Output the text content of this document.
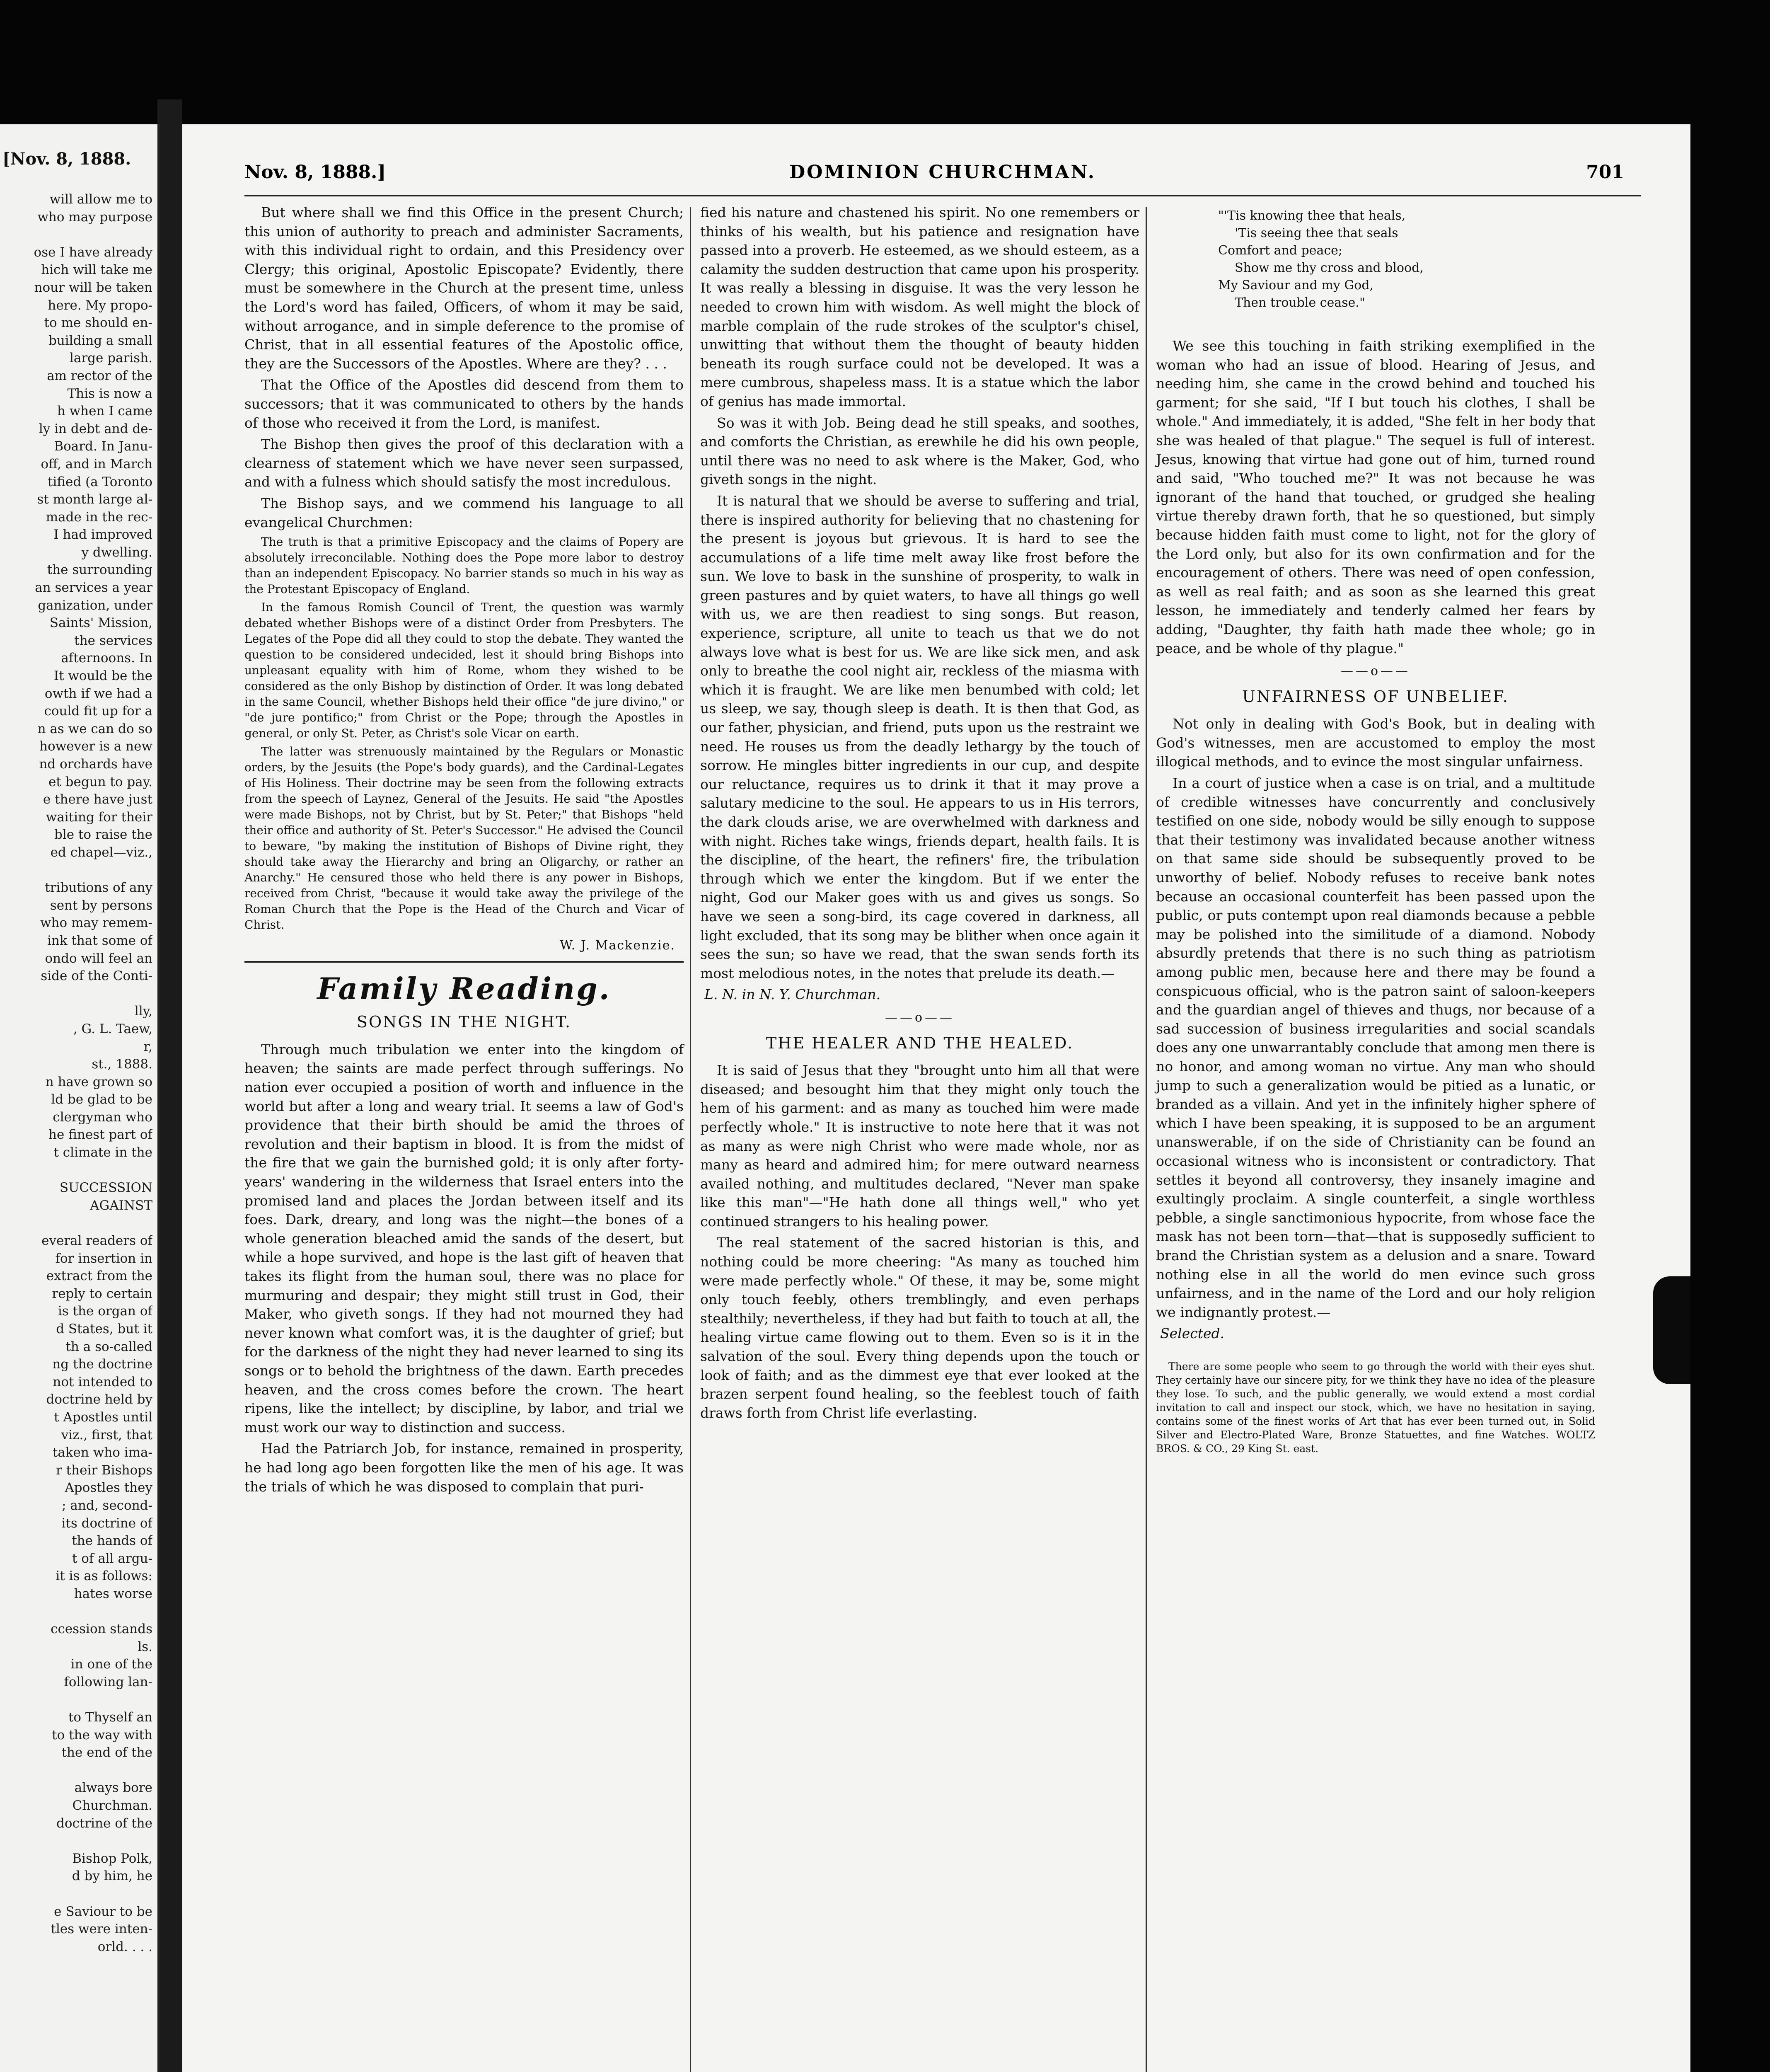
[Nov. 8, 1888.
will allow me to
who may purpose

ose I have already
hich will take me
nour will be taken
here. My propo-
to me should en-
building a small
large parish.
am rector of the
This is now a
h when I came
ly in debt and de-
Board. In Janu-
off, and in March
tified (a Toronto
st month large al-
made in the rec-
I had improved
y dwelling.
the surrounding
an services a year
ganization, under
Saints' Mission,
the services
afternoons. In
It would be the
owth if we had a
could fit up for a
n as we can do so
however is a new
nd orchards have
et begun to pay.
e there have just
waiting for their
ble to raise the
ed chapel—viz.,

tributions of any
sent by persons
who may remem-
ink that some of
ondo will feel an
side of the Conti-

lly,
, G. L. Taew,
r,
st., 1888.
n have grown so
ld be glad to be
clergyman who
he finest part of
t climate in the

SUCCESSION
AGAINST

everal readers of
for insertion in
extract from the
reply to certain
is the organ of
d States, but it
th a so-called
ng the doctrine
not intended to
doctrine held by
t Apostles until
viz., first, that
taken who ima-
r their Bishops
Apostles they
; and, second-
its doctrine of
the hands of
t of all argu-
it is as follows:
hates worse

ccession stands
ls.
in one of the
following lan-

to Thyself an
to the way with
the end of the

always bore
Churchman.
doctrine of the

Bishop Polk,
d by him, he

e Saviour to be
tles were inten-
orld. . . .
Nov. 8, 1888.]	DOMINION CHURCHMAN.	701

But where shall we find this Office in the present Church; this union of authority to preach and administer Sacraments, with this individual right to ordain, and this Presidency over Clergy; this original, Apostolic Episcopate? Evidently, there must be somewhere in the Church at the present time, unless the Lord's word has failed, Officers, of whom it may be said, without arrogance, and in simple deference to the promise of Christ, that in all essential features of the Apostolic office, they are the Successors of the Apostles. Where are they? . . .

That the Office of the Apostles did descend from them to successors; that it was communicated to others by the hands of those who received it from the Lord, is manifest.

The Bishop then gives the proof of this declaration with a clearness of statement which we have never seen surpassed, and with a fulness which should satisfy the most incredulous.

The Bishop says, and we commend his language to all evangelical Churchmen:

The truth is that a primitive Episcopacy and the claims of Popery are absolutely irreconcilable. Nothing does the Pope more labor to destroy than an independent Episcopacy. No barrier stands so much in his way as the Protestant Episcopacy of England.

In the famous Romish Council of Trent, the question was warmly debated whether Bishops were of a distinct Order from Presbyters. The Legates of the Pope did all they could to stop the debate. They wanted the question to be considered undecided, lest it should bring Bishops into unpleasant equality with him of Rome, whom they wished to be considered as the only Bishop by distinction of Order. It was long debated in the same Council, whether Bishops held their office "de jure divino," or "de jure pontifico;" from Christ or the Pope; through the Apostles in general, or only St. Peter, as Christ's sole Vicar on earth.

The latter was strenuously maintained by the Regulars or Monastic orders, by the Jesuits (the Pope's body guards), and the Cardinal-Legates of His Holiness. Their doctrine may be seen from the following extracts from the speech of Laynez, General of the Jesuits. He said "the Apostles were made Bishops, not by Christ, but by St. Peter;" that Bishops "held their office and authority of St. Peter's Successor." He advised the Council to beware, "by making the institution of Bishops of Divine right, they should take away the Hierarchy and bring an Oligarchy, or rather an Anarchy." He censured those who held there is any power in Bishops, received from Christ, "because it would take away the privilege of the Roman Church that the Pope is the Head of the Church and Vicar of Christ.

W. J. Mackenzie.
Family Reading.
SONGS IN THE NIGHT.

Through much tribulation we enter into the kingdom of heaven; the saints are made perfect through sufferings. No nation ever occupied a position of worth and influence in the world but after a long and weary trial. It seems a law of God's providence that their birth should be amid the throes of revolution and their baptism in blood. It is from the midst of the fire that we gain the burnished gold; it is only after forty-years' wandering in the wilderness that Israel enters into the promised land and places the Jordan between itself and its foes. Dark, dreary, and long was the night—the bones of a whole generation bleached amid the sands of the desert, but while a hope survived, and hope is the last gift of heaven that takes its flight from the human soul, there was no place for murmuring and despair; they might still trust in God, their Maker, who giveth songs. If they had not mourned they had never known what comfort was, it is the daughter of grief; but for the darkness of the night they had never learned to sing its songs or to behold the brightness of the dawn. Earth precedes heaven, and the cross comes before the crown. The heart ripens, like the intellect; by discipline, by labor, and trial we must work our way to distinction and success.

Had the Patriarch Job, for instance, remained in prosperity, he had long ago been forgotten like the men of his age. It was the trials of which he was disposed to complain that puri-

fied his nature and chastened his spirit. No one remembers or thinks of his wealth, but his patience and resignation have passed into a proverb. He esteemed, as we should esteem, as a calamity the sudden destruction that came upon his prosperity. It was really a blessing in disguise. It was the very lesson he needed to crown him with wisdom. As well might the block of marble complain of the rude strokes of the sculptor's chisel, unwitting that without them the thought of beauty hidden beneath its rough surface could not be developed. It was a mere cumbrous, shapeless mass. It is a statue which the labor of genius has made immortal.

So was it with Job. Being dead he still speaks, and soothes, and comforts the Christian, as erewhile he did his own people, until there was no need to ask where is the Maker, God, who giveth songs in the night.

It is natural that we should be averse to suffering and trial, there is inspired authority for believing that no chastening for the present is joyous but grievous. It is hard to see the accumulations of a life time melt away like frost before the sun. We love to bask in the sunshine of prosperity, to walk in green pastures and by quiet waters, to have all things go well with us, we are then readiest to sing songs. But reason, experience, scripture, all unite to teach us that we do not always love what is best for us. We are like sick men, and ask only to breathe the cool night air, reckless of the miasma with which it is fraught. We are like men benumbed with cold; let us sleep, we say, though sleep is death. It is then that God, as our father, physician, and friend, puts upon us the restraint we need. He rouses us from the deadly lethargy by the touch of sorrow. He mingles bitter ingredients in our cup, and despite our reluctance, requires us to drink it that it may prove a salutary medicine to the soul. He appears to us in His terrors, the dark clouds arise, we are overwhelmed with darkness and with night. Riches take wings, friends depart, health fails. It is the discipline, of the heart, the refiners' fire, the tribulation through which we enter the kingdom. But if we enter the night, God our Maker goes with us and gives us songs. So have we seen a song-bird, its cage covered in darkness, all light excluded, that its song may be blither when once again it sees the sun; so have we read, that the swan sends forth its most melodious notes, in the notes that prelude its death.—

L. N. in N. Y. Churchman.
——o——
THE HEALER AND THE HEALED.

It is said of Jesus that they "brought unto him all that were diseased; and besought him that they might only touch the hem of his garment: and as many as touched him were made perfectly whole." It is instructive to note here that it was not as many as were nigh Christ who were made whole, nor as many as heard and admired him; for mere outward nearness availed nothing, and multitudes declared, "Never man spake like this man"—"He hath done all things well," who yet continued strangers to his healing power.

The real statement of the sacred historian is this, and nothing could be more cheering: "As many as touched him were made perfectly whole." Of these, it may be, some might only touch feebly, others tremblingly, and even perhaps stealthily; nevertheless, if they had but faith to touch at all, the healing virtue came flowing out to them. Even so is it in the salvation of the soul. Every thing depends upon the touch or look of faith; and as the dimmest eye that ever looked at the brazen serpent found healing, so the feeblest touch of faith draws forth from Christ life everlasting.

"'Tis knowing thee that heals,
'Tis seeing thee that seals
Comfort and peace;
Show me thy cross and blood,
My Saviour and my God,
Then trouble cease."

We see this touching in faith striking exemplified in the woman who had an issue of blood. Hearing of Jesus, and needing him, she came in the crowd behind and touched his garment; for she said, "If I but touch his clothes, I shall be whole." And immediately, it is added, "She felt in her body that she was healed of that plague." The sequel is full of interest. Jesus, knowing that virtue had gone out of him, turned round and said, "Who touched me?" It was not because he was ignorant of the hand that touched, or grudged she healing virtue thereby drawn forth, that he so questioned, but simply because hidden faith must come to light, not for the glory of the Lord only, but also for its own confirmation and for the encouragement of others. There was need of open confession, as well as real faith; and as soon as she learned this great lesson, he immediately and tenderly calmed her fears by adding, "Daughter, thy faith hath made thee whole; go in peace, and be whole of thy plague."

——o——
UNFAIRNESS OF UNBELIEF.

Not only in dealing with God's Book, but in dealing with God's witnesses, men are accustomed to employ the most illogical methods, and to evince the most singular unfairness.

In a court of justice when a case is on trial, and a multitude of credible witnesses have concurrently and conclusively testified on one side, nobody would be silly enough to suppose that their testimony was invalidated because another witness on that same side should be subsequently proved to be unworthy of belief. Nobody refuses to receive bank notes because an occasional counterfeit has been passed upon the public, or puts contempt upon real diamonds because a pebble may be polished into the similitude of a diamond. Nobody absurdly pretends that there is no such thing as patriotism among public men, because here and there may be found a conspicuous official, who is the patron saint of saloon-keepers and the guardian angel of thieves and thugs, nor because of a sad succession of business irregularities and social scandals does any one unwarrantably conclude that among men there is no honor, and among woman no virtue. Any man who should jump to such a generalization would be pitied as a lunatic, or branded as a villain. And yet in the infinitely higher sphere of which I have been speaking, it is supposed to be an argument unanswerable, if on the side of Christianity can be found an occasional witness who is inconsistent or contradictory. That settles it beyond all controversy, they insanely imagine and exultingly proclaim. A single counterfeit, a single worthless pebble, a single sanctimonious hypocrite, from whose face the mask has not been torn—that—that is supposedly sufficient to brand the Christian system as a delusion and a snare. Toward nothing else in all the world do men evince such gross unfairness, and in the name of the Lord and our holy religion we indignantly protest.—

Selected.
There are some people who seem to go through the world with their eyes shut. They certainly have our sincere pity, for we think they have no idea of the pleasure they lose. To such, and the public generally, we would extend a most cordial invitation to call and inspect our stock, which, we have no hesitation in saying, contains some of the finest works of Art that has ever been turned out, in Solid Silver and Electro-Plated Ware, Bronze Statuettes, and fine Watches. WOLTZ BROS. & CO., 29 King St. east.
